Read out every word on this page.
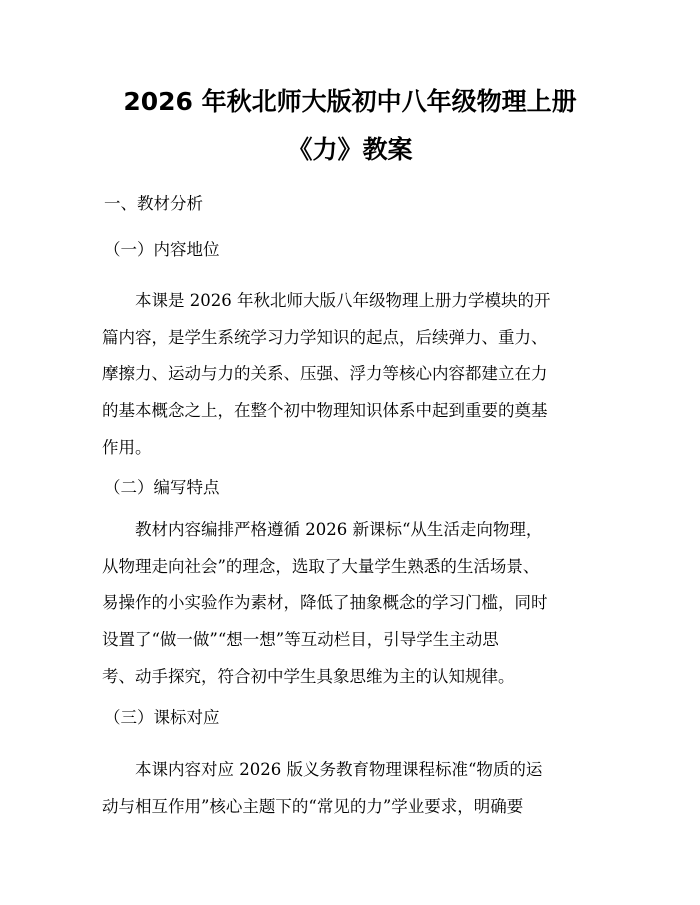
2026 年秋北师大版初中八年级物理上册
《力》教案
一、教材分析
（一）内容地位
本课是 2026 年秋北师大版八年级物理上册力学模块的开
篇内容，是学生系统学习力学知识的起点，后续弹力、重力、
摩擦力、运动与力的关系、压强、浮力等核心内容都建立在力
的基本概念之上，在整个初中物理知识体系中起到重要的奠基
作用。
（二）编写特点
教材内容编排严格遵循 2026 新课标“从生活走向物理，
从物理走向社会”的理念，选取了大量学生熟悉的生活场景、
易操作的小实验作为素材，降低了抽象概念的学习门槛，同时
设置了“做一做”“想一想”等互动栏目，引导学生主动思
考、动手探究，符合初中学生具象思维为主的认知规律。
（三）课标对应
本课内容对应 2026 版义务教育物理课程标准“物质的运
动与相互作用”核心主题下的“常见的力”学业要求，明确要
